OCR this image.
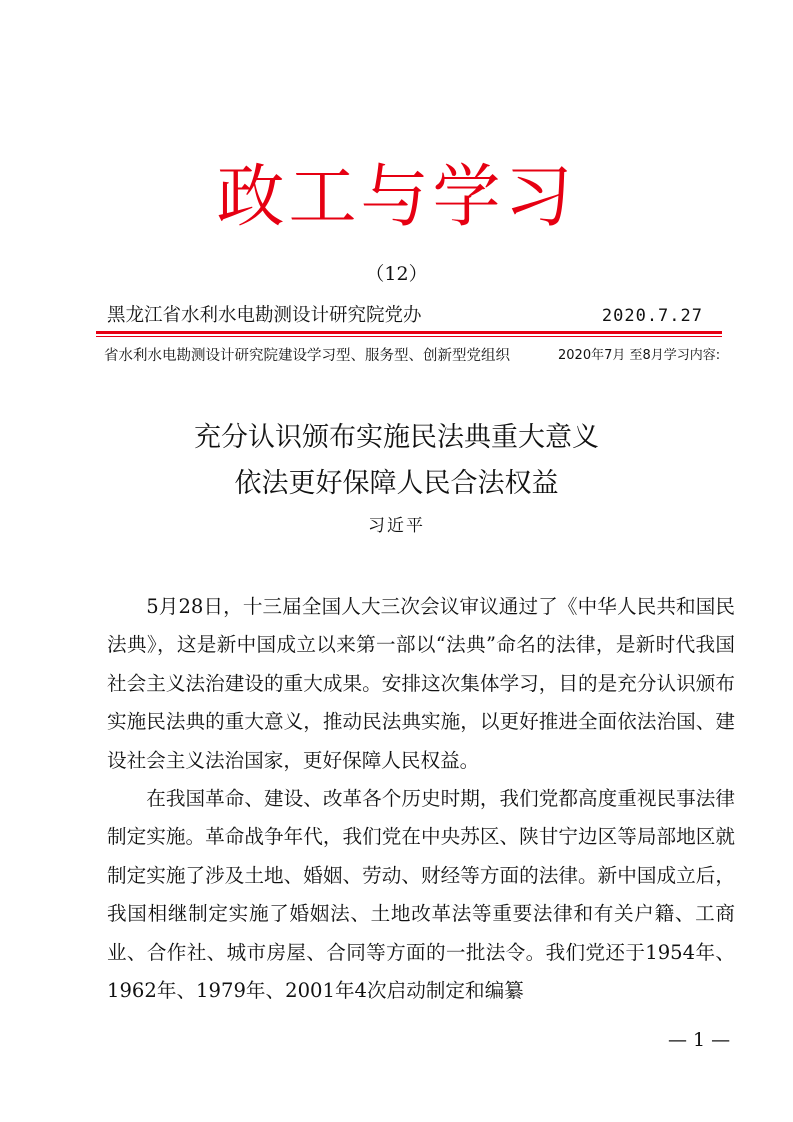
政工与学习
（12）
黑龙江省水利水电勘测设计研究院党办	2020.7.27
省水利水电勘测设计研究院建设学习型、服务型、创新型党组织	2020年7月 至8月学习内容:
充分认识颁布实施民法典重大意义
依法更好保障人民合法权益
习近平

5月28日，十三届全国人大三次会议审议通过了《中华人民共和国民法典》，这是新中国成立以来第一部以“法典”命名的法律，是新时代我国社会主义法治建设的重大成果。安排这次集体学习，目的是充分认识颁布实施民法典的重大意义，推动民法典实施，以更好推进全面依法治国、建设社会主义法治国家，更好保障人民权益。

在我国革命、建设、改革各个历史时期，我们党都高度重视民事法律制定实施。革命战争年代，我们党在中央苏区、陕甘宁边区等局部地区就制定实施了涉及土地、婚姻、劳动、财经等方面的法律。新中国成立后，我国相继制定实施了婚姻法、土地改革法等重要法律和有关户籍、工商业、合作社、城市房屋、合同等方面的一批法令。我们党还于1954年、1962年、1979年、2001年4次启动制定和编纂

— 1 —
